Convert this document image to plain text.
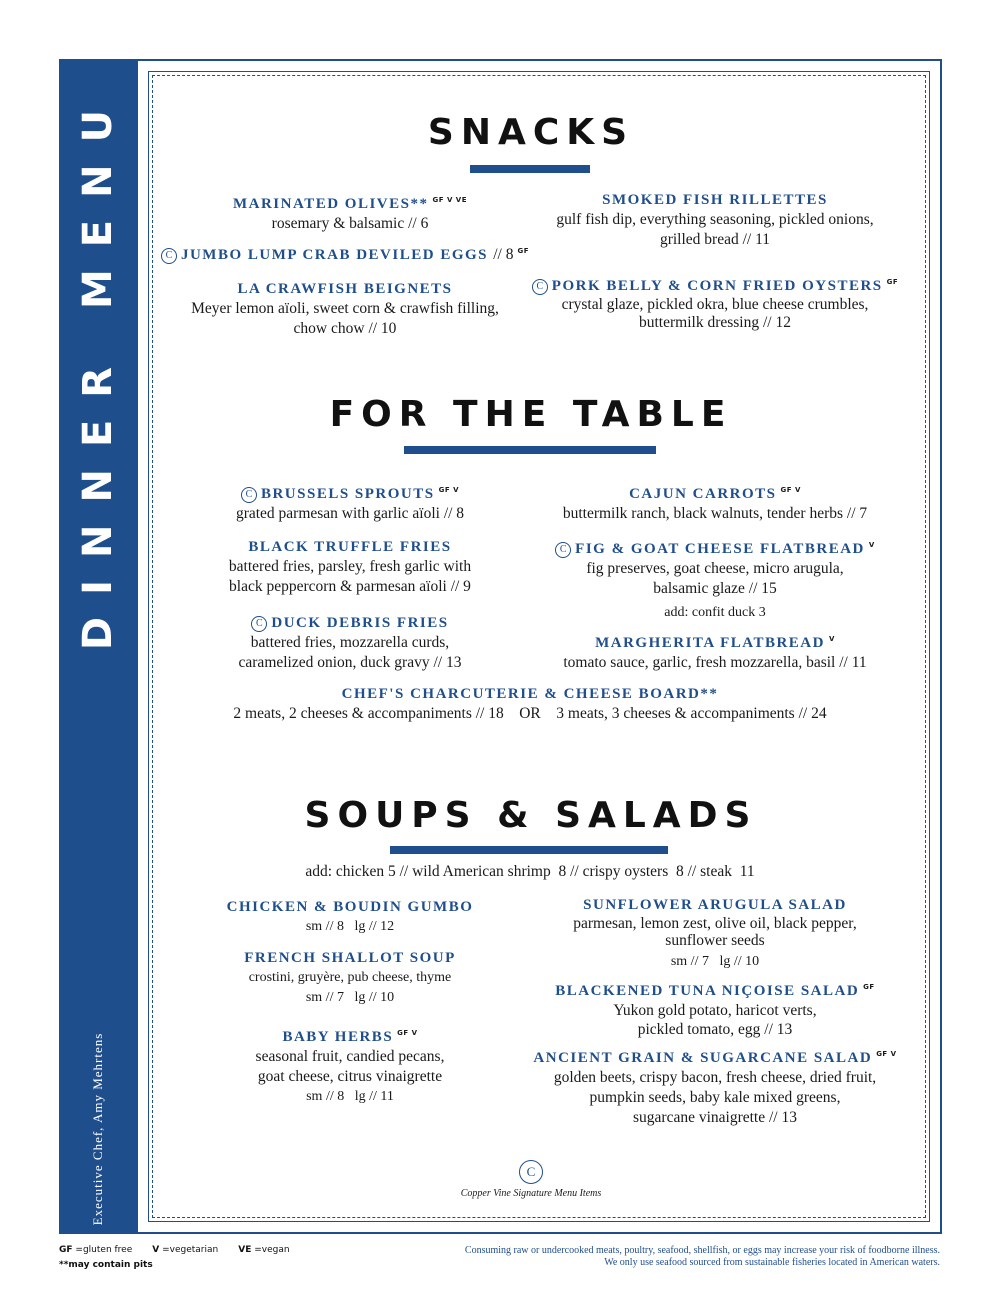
DINNER MENU
Executive Chef, Amy Mehrtens
SNACKS
MARINATED OLIVES** $^{GF V VE}$
rosemary & balsamic // 6
C JUMBO LUMP CRAB DEVILED EGGS // 8 $^{GF}$
LA CRAWFISH BEIGNETS
Meyer lemon aïoli, sweet corn & crawfish filling,
chow chow // 10
SMOKED FISH RILLETTES
gulf fish dip, everything seasoning, pickled onions,
grilled bread // 11
C PORK BELLY & CORN FRIED OYSTERS $^{GF}$
crystal glaze, pickled okra, blue cheese crumbles,
buttermilk dressing // 12
FOR THE TABLE
C BRUSSELS SPROUTS $^{GF V}$
grated parmesan with garlic aïoli // 8
BLACK TRUFFLE FRIES
battered fries, parsley, fresh garlic with
black peppercorn & parmesan aïoli // 9
C DUCK DEBRIS FRIES
battered fries, mozzarella curds,
caramelized onion, duck gravy // 13
CAJUN CARROTS $^{GF V}$
buttermilk ranch, black walnuts, tender herbs // 7
C FIG & GOAT CHEESE FLATBREAD $^V$
fig preserves, goat cheese, micro arugula,
balsamic glaze // 15
add: confit duck 3
MARGHERITA FLATBREAD $^V$
tomato sauce, garlic, fresh mozzarella, basil // 11
CHEF'S CHARCUTERIE & CHEESE BOARD**
2 meats, 2 cheeses & accompaniments // 18    OR    3 meats, 3 cheeses & accompaniments // 24
SOUPS & SALADS
add: chicken 5 // wild American shrimp  8 // crispy oysters  8 // steak  11
CHICKEN & BOUDIN GUMBO
sm // 8   lg // 12
FRENCH SHALLOT SOUP
crostini, gruyère, pub cheese, thyme
sm // 7   lg // 10
BABY HERBS $^{GF V}$
seasonal fruit, candied pecans,
goat cheese, citrus vinaigrette
sm // 8   lg // 11
SUNFLOWER ARUGULA SALAD
parmesan, lemon zest, olive oil, black pepper,
sunflower seeds
sm // 7   lg // 10
BLACKENED TUNA NIÇOISE SALAD $^{GF}$
Yukon gold potato, haricot verts,
pickled tomato, egg // 13
ANCIENT GRAIN & SUGARCANE SALAD $^{GF V}$
golden beets, crispy bacon, fresh cheese, dried fruit,
pumpkin seeds, baby kale mixed greens,
sugarcane vinaigrette // 13
C
Copper Vine Signature Menu Items
GF =gluten free V =vegetarian VE =vegan
**may contain pits
Consuming raw or undercooked meats, poultry, seafood, shellfish, or eggs may increase your risk of foodborne illness.
We only use seafood sourced from sustainable fisheries located in American waters.
